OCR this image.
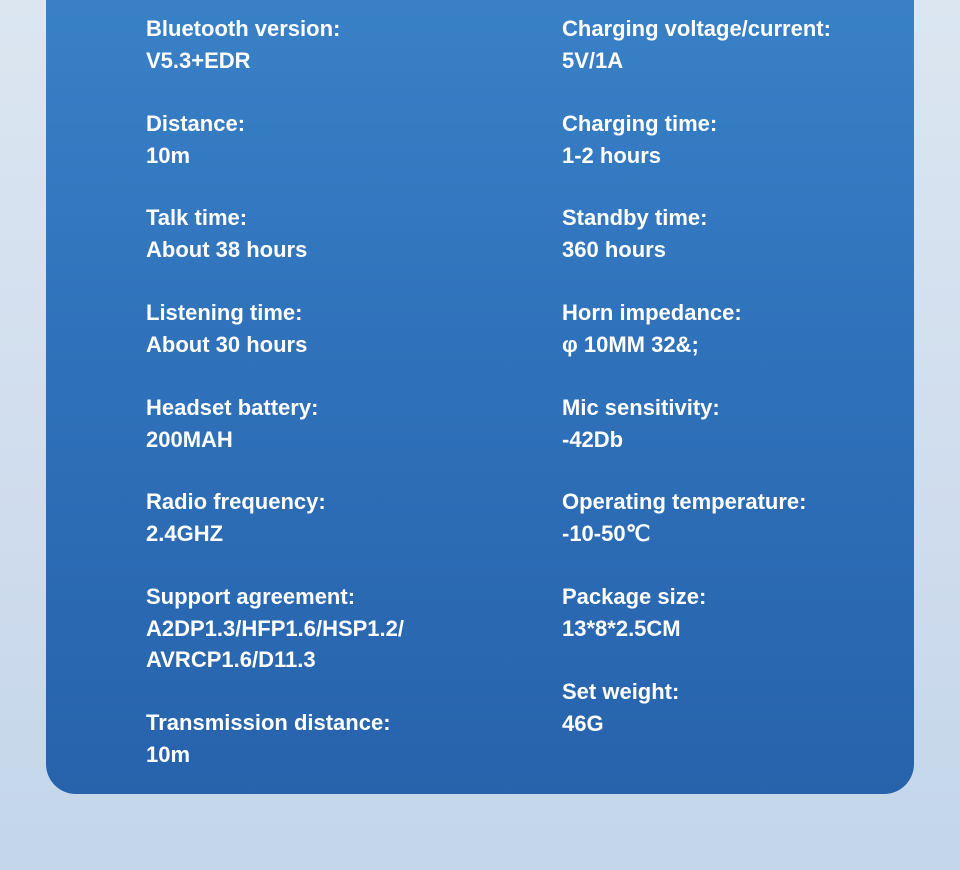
Bluetooth version:
V5.3+EDR
Distance:
10m
Talk time:
About 38 hours
Listening time:
About 30 hours
Headset battery:
200MAH
Radio frequency:
2.4GHZ
Support agreement:
A2DP1.3/HFP1.6/HSP1.2/
AVRCP1.6/D11.3
Transmission distance:
10m
Charging voltage/current:
5V/1A
Charging time:
1-2 hours
Standby time:
360 hours
Horn impedance:
φ 10MM 32&;
Mic sensitivity:
-42Db
Operating temperature:
-10-50℃
Package size:
13*8*2.5CM
Set weight:
46G
